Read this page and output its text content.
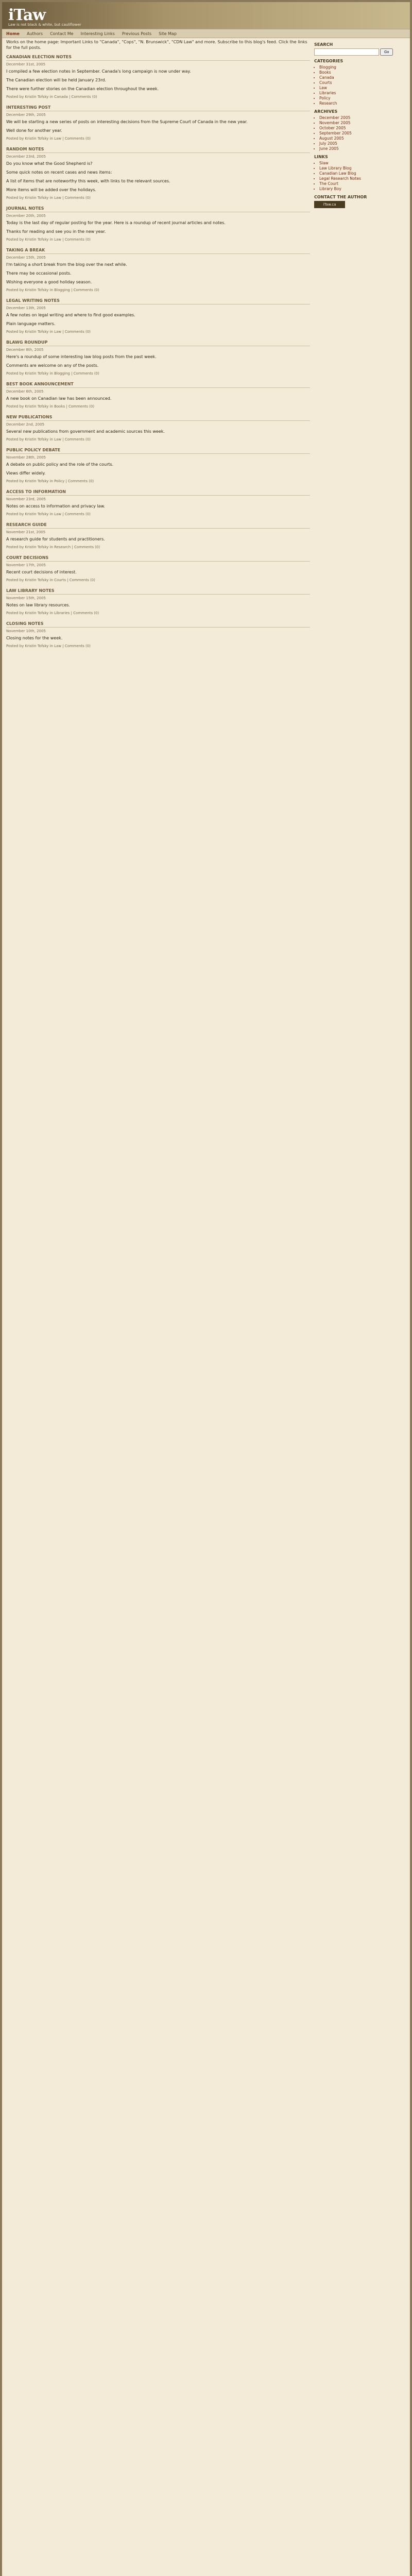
iTaw
Law is not black & white, but cauliflower
Home Authors Contact Me Interesting Links Previous Posts Site Map
Works on the home page: Important Links to "Canada", "Cops", "N. Brunswick", "CDN Law" and more. Subscribe to this blog's feed. Click the links for the full posts.
CANADIAN ELECTION NOTES
December 31st, 2005

I compiled a few election notes in September. Canada's long campaign is now under way.

The Canadian election will be held January 23rd.

There were further stories on the Canadian election throughout the week.

Posted by Kristin Tofsky in Canada | Comments (0)
INTERESTING POST
December 29th, 2005

We will be starting a new series of posts on interesting decisions from the Supreme Court of Canada in the new year.

Well done for another year.

Posted by Kristin Tofsky in Law | Comments (0)
RANDOM NOTES
December 23rd, 2005

Do you know what the Good Shepherd is?

Some quick notes on recent cases and news items:

A list of items that are noteworthy this week, with links to the relevant sources.

More items will be added over the holidays.

Posted by Kristin Tofsky in Law | Comments (0)
JOURNAL NOTES
December 20th, 2005

Today is the last day of regular posting for the year. Here is a roundup of recent journal articles and notes.

Thanks for reading and see you in the new year.

Posted by Kristin Tofsky in Law | Comments (0)
TAKING A BREAK
December 15th, 2005

I'm taking a short break from the blog over the next while.

There may be occasional posts.

Wishing everyone a good holiday season.

Posted by Kristin Tofsky in Blogging | Comments (0)
LEGAL WRITING NOTES
December 13th, 2005

A few notes on legal writing and where to find good examples.

Plain language matters.

Posted by Kristin Tofsky in Law | Comments (0)
BLAWG ROUNDUP
December 8th, 2005

Here's a roundup of some interesting law blog posts from the past week.

Comments are welcome on any of the posts.

Posted by Kristin Tofsky in Blogging | Comments (0)
BEST BOOK ANNOUNCEMENT
December 6th, 2005

A new book on Canadian law has been announced.

Posted by Kristin Tofsky in Books | Comments (0)
NEW PUBLICATIONS
December 2nd, 2005

Several new publications from government and academic sources this week.

Posted by Kristin Tofsky in Law | Comments (0)
PUBLIC POLICY DEBATE
November 28th, 2005

A debate on public policy and the role of the courts.

Views differ widely.

Posted by Kristin Tofsky in Policy | Comments (0)
ACCESS TO INFORMATION
November 23rd, 2005

Notes on access to information and privacy law.

Posted by Kristin Tofsky in Law | Comments (0)
RESEARCH GUIDE
November 21st, 2005

A research guide for students and practitioners.

Posted by Kristin Tofsky in Research | Comments (0)
COURT DECISIONS
November 17th, 2005

Recent court decisions of interest.

Posted by Kristin Tofsky in Courts | Comments (0)
LAW LIBRARY NOTES
November 15th, 2005

Notes on law library resources.

Posted by Kristin Tofsky in Libraries | Comments (0)
CLOSING NOTES
November 10th, 2005

Closing notes for the week.

Posted by Kristin Tofsky in Law | Comments (0)
SEARCH
Go
CATEGORIES
• Blogging
• Books
• Canada
• Courts
• Law
• Libraries
• Policy
• Research
ARCHIVES
• December 2005
• November 2005
• October 2005
• September 2005
• August 2005
• July 2005
• June 2005
LINKS
• Slaw
• Law Library Blog
• Canadian Law Blog
• Legal Research Notes
• The Court
• Library Boy
CONTACT THE AUTHOR
iTaw.ca
